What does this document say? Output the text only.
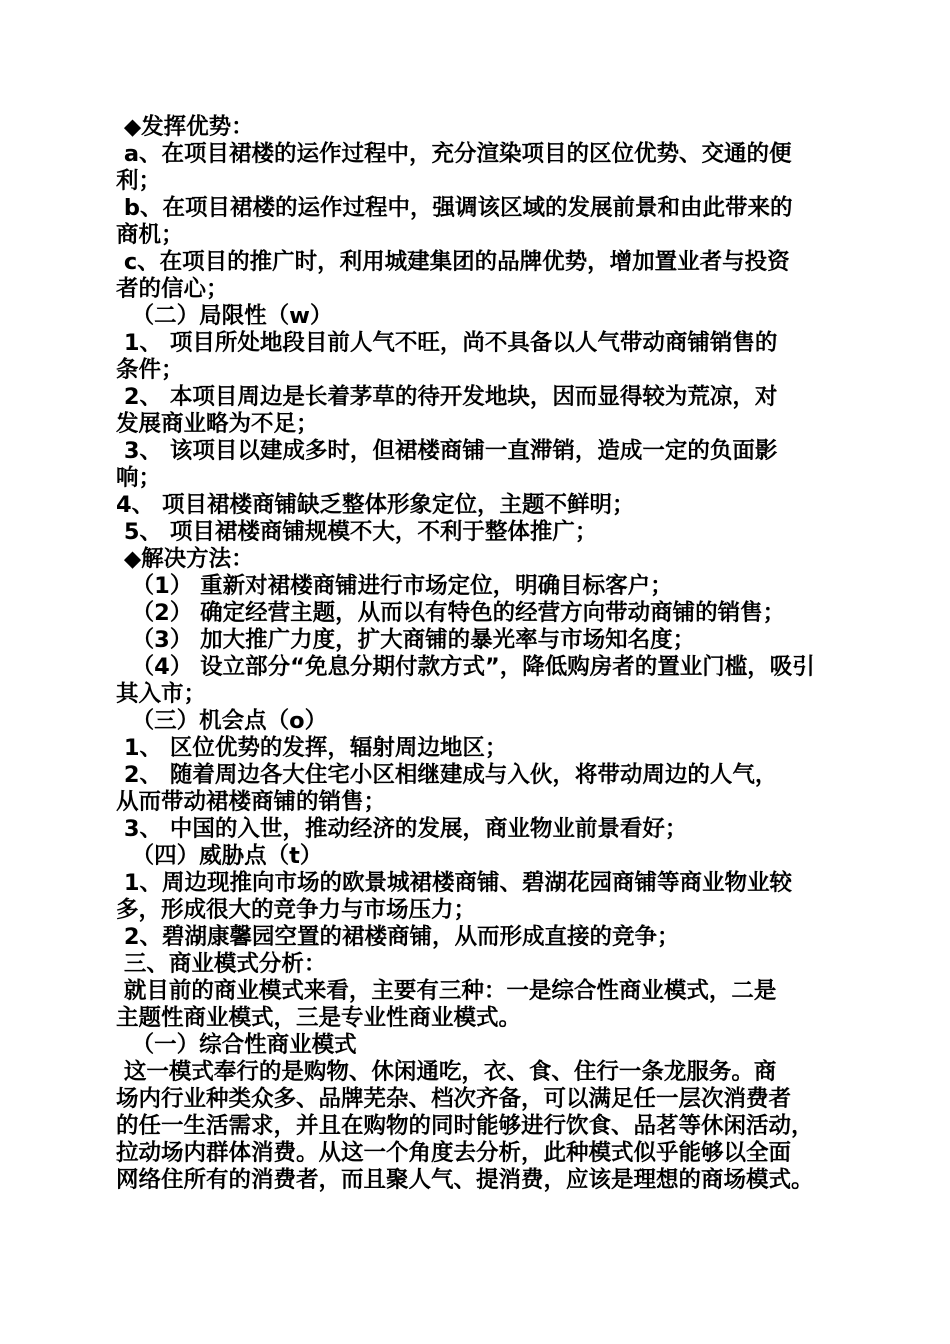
◆发挥优势：
a、在项目裙楼的运作过程中，充分渲染项目的区位优势、交通的便
利；
b、在项目裙楼的运作过程中，强调该区域的发展前景和由此带来的
商机；
c、在项目的推广时，利用城建集团的品牌优势，增加置业者与投资
者的信心；
（二）局限性（w）
1、 项目所处地段目前人气不旺，尚不具备以人气带动商铺销售的
条件；
2、 本项目周边是长着茅草的待开发地块，因而显得较为荒凉，对
发展商业略为不足；
3、 该项目以建成多时，但裙楼商铺一直滞销，造成一定的负面影
响；
4、 项目裙楼商铺缺乏整体形象定位，主题不鲜明；
5、 项目裙楼商铺规模不大，不利于整体推广；
◆解决方法：
（1） 重新对裙楼商铺进行市场定位，明确目标客户；
（2） 确定经营主题，从而以有特色的经营方向带动商铺的销售；
（3） 加大推广力度，扩大商铺的暴光率与市场知名度；
（4） 设立部分“免息分期付款方式”，降低购房者的置业门槛，吸引
其入市；
（三）机会点（o）
1、 区位优势的发挥，辐射周边地区；
2、 随着周边各大住宅小区相继建成与入伙，将带动周边的人气，
从而带动裙楼商铺的销售；
3、 中国的入世，推动经济的发展，商业物业前景看好；
（四）威胁点（t）
1、周边现推向市场的欧景城裙楼商铺、碧湖花园商铺等商业物业较
多，形成很大的竞争力与市场压力；
2、碧湖康馨园空置的裙楼商铺，从而形成直接的竞争；
三、商业模式分析：
就目前的商业模式来看，主要有三种：一是综合性商业模式，二是
主题性商业模式，三是专业性商业模式。
（一）综合性商业模式
这一模式奉行的是购物、休闲通吃，衣、食、住行一条龙服务。商
场内行业种类众多、品牌芜杂、档次齐备，可以满足任一层次消费者
的任一生活需求，并且在购物的同时能够进行饮食、品茗等休闲活动，
拉动场内群体消费。从这一个角度去分析，此种模式似乎能够以全面
网络住所有的消费者，而且聚人气、提消费，应该是理想的商场模式。
